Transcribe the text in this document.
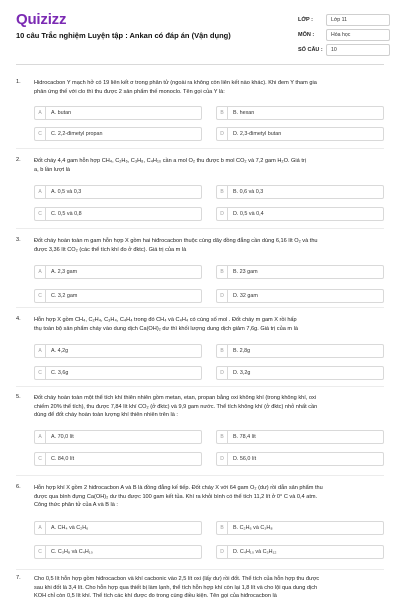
Quizizz
10 câu Trắc nghiệm Luyện tập : Ankan có đáp án (Vận dụng)
LỚP :	Lớp 11
MÔN :	Hóa học
SỐ CÂU :	10
1. Hidrocacbon Y mạch hở có 19 liên kết σ trong phân tử (ngoài ra không còn liên kết nào khác). Khi đem Y tham gia
phản ứng thế với clo thì thu được 2 sản phẩm thế monoclo. Tên gọi của Y là:
A	A. butan	B	B. hexan
C	C. 2,2-đimetyl propan	D	D. 2,3-đimetyl butan
2. Đốt cháy 4,4 gam hỗn hợp CH₄, C₂H₆, C₃H₈, C₄H₁₀ cần a mol O₂ thu được b mol CO₂ và 7,2 gam H₂O. Giá trị
a, b lần lượt là
A	A. 0,5 và 0,3	B	B. 0,6 và 0,3
C	C. 0,5 và 0,8	D	D. 0,5 và 0,4
3. Đốt cháy hoàn toàn m gam hỗn hợp X gồm hai hiđrocacbon thuộc cùng dãy đồng đẳng cần dùng 6,16 lít O₂ và thu
được 3,36 lít CO₂ (các thể tích khí đo ở đktc). Giá trị của m là
A	A. 2,3 gam	B	B. 23 gam
C	C. 3,2 gam	D	D. 32 gam
4. Hỗn hợp X gồm CH₄, C₂H₄, C₃H₄, C₄H₄ trong đó CH₄ và C₄H₄ có cùng số mol . Đốt cháy m gam X rồi hấp
thụ toàn bộ sản phẩm cháy vào dung dịch Ca(OH)₂ dư thì khối lượng dung dịch giảm 7,6g. Giá trị của m là
A	A. 4,2g	B	B. 2,8g
C	C. 3,6g	D	D. 3,2g
5. Đốt cháy hoàn toàn một thể tích khí thiên nhiên gồm metan, etan, propan bằng oxi không khí (trong không khí, oxi
chiếm 20% thể tích), thu được 7,84 lít khí CO₂ (ở đktc) và 9,9 gam nước. Thể tích không khí (ở đktc) nhỏ nhất cần
dùng để đốt cháy hoàn toàn lượng khí thiên nhiên trên là :
A	A. 70,0 lít	B	B. 78,4 lít
C	C. 84,0 lít	D	D. 56,0 lít
6. Hỗn hợp khí X gồm 2 hiđrocacbon A và B là đồng đẳng kế tiếp. Đốt cháy X với 64 gam O₂ (dư) rồi dẫn sản phẩm thu
được qua bình đựng Ca(OH)₂ dư thu được 100 gam kết tủa. Khí ra khỏi bình có thể tích 11,2 lít ở 0° C và 0,4 atm.
Công thức phân tử của A và B là :
A	A. CH₄ và C₂H₆	B	B. C₂H₆ và C₃H₈
C	C. C₃H₈ và C₄H₁₀	D	D. C₄H₁₀ và C₅H₁₂
7. Cho 0,5 lít hỗn hợp gồm hiđrocacbon và khí cacbonic vào 2,5 lít oxi (lấy dư) rồi đốt. Thể tích của hỗn hợp thu được
sau khi đốt là 3,4 lít. Cho hỗn hợp qua thiết bị làm lạnh, thể tích hỗn hợp khí còn lại 1,8 lít và cho lội qua dung dịch
KOH chỉ còn 0,5 lít khí. Thể tích các khí được đo trong cùng điều kiện. Tên gọi của hiđrocacbon là
